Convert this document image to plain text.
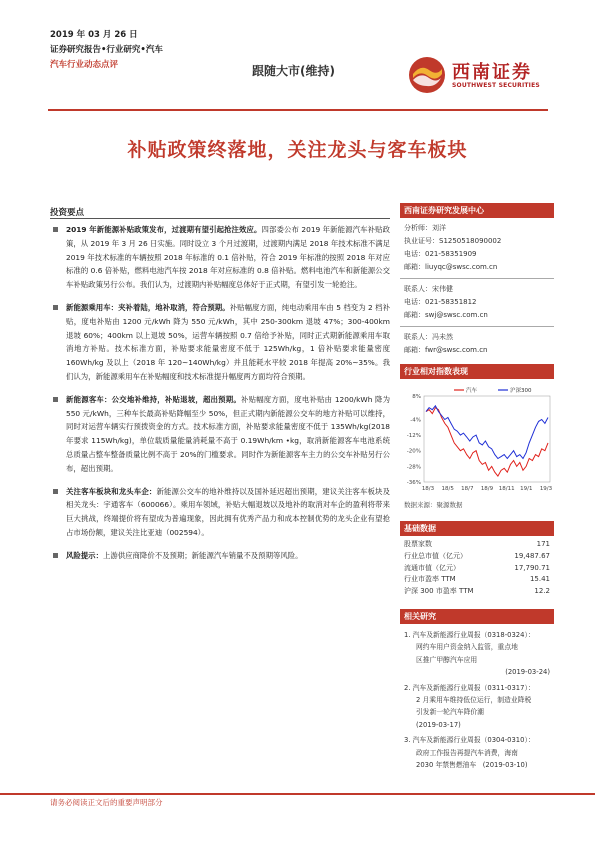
2019 年 03 月 26 日
证券研究报告•行业研究•汽车
汽车行业动态点评	跟随大市(维持)	西南证券
SOUTHWEST SECURITIES
补贴政策终落地，关注龙头与客车板块
投资要点
2019 年新能源补贴政策发布，过渡期有望引起抢注效应。四部委公布 2019 年新能源汽车补贴政策，从 2019 年 3 月 26 日实施。同时设立 3 个月过渡期，过渡期内满足 2018 年技术标准不满足 2019 年技术标准的车辆按照 2018 年标准的 0.1 倍补贴，符合 2019 年标准的按照 2018 年对应标准的 0.6 倍补贴，燃料电池汽车按 2018 年对应标准的 0.8 倍补贴。燃料电池汽车和新能源公交车补贴政策另行公布。我们认为，过渡期内补贴幅度总体好于正式期，有望引发一轮抢注。
新能源乘用车：夹补着陆，地补取消，符合预期。补贴幅度方面，纯电动乘用车由 5 档变为 2 档补贴，度电补贴由 1200 元/kWh 降为 550 元/kWh，其中 250-300km 退坡 47%；300-400km 退坡 60%；400km 以上退坡 50%，运营车辆按照 0.7 倍给予补贴，同时正式期新能源乘用车取消地方补贴。技术标准方面，补贴要求能量密度不低于 125Wh/kg，1 倍补贴要求能量密度 160Wh/kg 及以上（2018 年 120~140Wh/kg）并且能耗水平较 2018 年提高 20%~35%。我们认为，新能源乘用车在补贴幅度和技术标准提升幅度两方面均符合预期。
新能源客车：公交地补维持，补贴退坡，超出预期。补贴幅度方面，度电补贴由 1200/kWh 降为 550 元/kWh，三种车长最高补贴降幅至少 50%，但正式期内新能源公交车的地方补贴可以维持，同时对运营车辆实行预拨资金的方式。技术标准方面，补贴要求能量密度不低于 135Wh/kg(2018 年要求 115Wh/kg)，单位载质量能量消耗量不高于 0.19Wh/km •kg，取消新能源客车电池系统总质量占整车整备质量比例不高于 20%的门槛要求。同时作为新能源客车主力的公交车补贴另行公布，超出预期。
关注客车板块和龙头车企：新能源公交车的地补维持以及国补延迟超出预期，建议关注客车板块及相关龙头：宇通客车（600066）。乘用车领域，补贴大幅退坡以及地补的取消对车企的盈利将带来巨大挑战，终端提价将有望成为普遍现象，因此拥有优秀产品力和成本控制优势的龙头企业有望抢占市场份额，建议关注比亚迪（002594）。
风险提示：上游供应商降价不及预期；新能源汽车销量不及预期等风险。
西南证券研究发展中心
分析师：刘洋
执业证号：S1250518090002
电话：021-58351909
邮箱：liuyqc@swsc.com.cn
联系人：宋伟健
电话：021-58351812
邮箱：swj@swsc.com.cn
联系人：冯未然
邮箱：fwr@swsc.com.cn
行业相对指数表现
8%
-4%
-12%
-20%
-28%
-36%
18/3 18/5 18/7 18/9 18/11 19/1 19/3
汽车	沪深300
数据来源：聚源数据
基础数据
股票家数	171
行业总市值（亿元）	19,487.67
流通市值（亿元）	17,790.71
行业市盈率 TTM	15.41
沪深 300 市盈率 TTM	12.2
相关研究
1. 汽车及新能源行业周报（0318-0324）：
网约车用户资金纳入监管，重点地
区推广甲醇汽车应用
(2019-03-24)
2. 汽车及新能源行业周报（0311-0317）：
2 月乘用车维持低位运行，制造业降税
引发新一轮汽车降价潮
(2019-03-17)
3. 汽车及新能源行业周报（0304-0310）：
政府工作报告再提汽车消费，海南
2030 年禁售燃油车 (2019-03-10)
请务必阅读正文后的重要声明部分
